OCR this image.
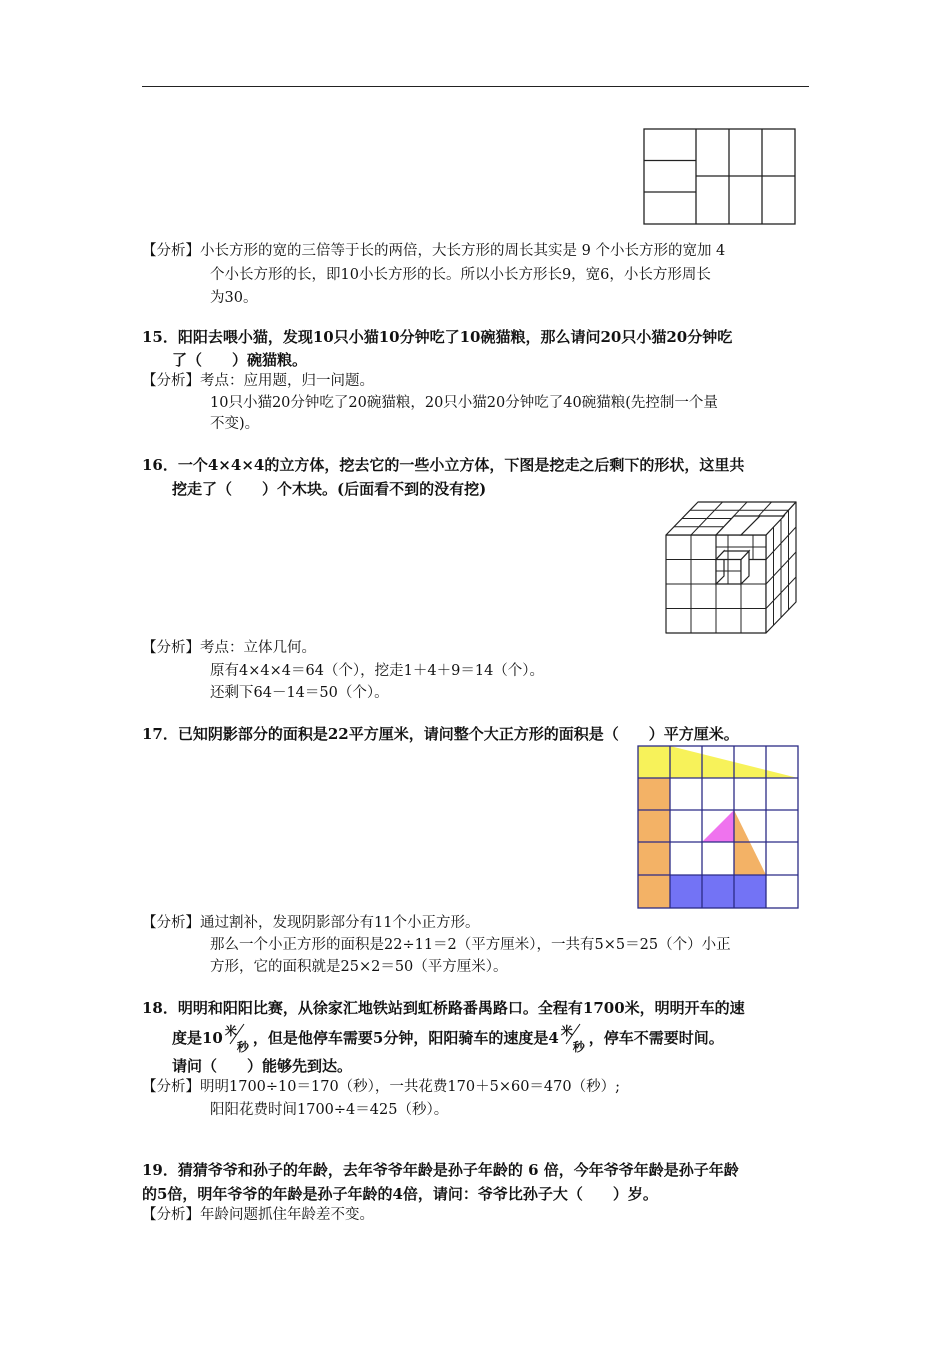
【分析】小长方形的宽的三倍等于长的两倍，大长方形的周长其实是 9 个小长方形的宽加 4
个小长方形的长，即10小长方形的长。所以小长方形长9，宽6，小长方形周长
为30。
15．阳阳去喂小猫，发现10只小猫10分钟吃了10碗猫粮，那么请问20只小猫20分钟吃
了（　　）碗猫粮。
【分析】考点：应用题，归一问题。
10只小猫20分钟吃了20碗猫粮，20只小猫20分钟吃了40碗猫粮(先控制一个量
不变)。
16．一个4×4×4的立方体，挖去它的一些小立方体，下图是挖走之后剩下的形状，这里共
挖走了（　　）个木块。(后面看不到的没有挖)
【分析】考点：立体几何。
原有4×4×4＝64（个），挖走1＋4＋9＝14（个）。
还剩下64－14＝50（个）。
17．已知阴影部分的面积是22平方厘米，请问整个大正方形的面积是（　　）平方厘米。
【分析】通过割补，发现阴影部分有11个小正方形。
那么一个小正方形的面积是22÷11＝2（平方厘米），一共有5×5＝25（个）小正
方形，它的面积就是25×2＝50（平方厘米）。
18．明明和阳阳比赛，从徐家汇地铁站到虹桥路番禺路口。全程有1700米，明明开车的速
度是10 米
秒 ，但是他停车需要5分钟，阳阳骑车的速度是4 米
秒 ，停车不需要时间。
请问（　　）能够先到达。
【分析】明明1700÷10＝170（秒），一共花费170＋5×60＝470（秒）;
阳阳花费时间1700÷4＝425（秒）。
19．猜猜爷爷和孙子的年龄，去年爷爷年龄是孙子年龄的 6 倍，今年爷爷年龄是孙子年龄
的5倍，明年爷爷的年龄是孙子年龄的4倍，请问：爷爷比孙子大（　　）岁。
【分析】年龄问题抓住年龄差不变。
